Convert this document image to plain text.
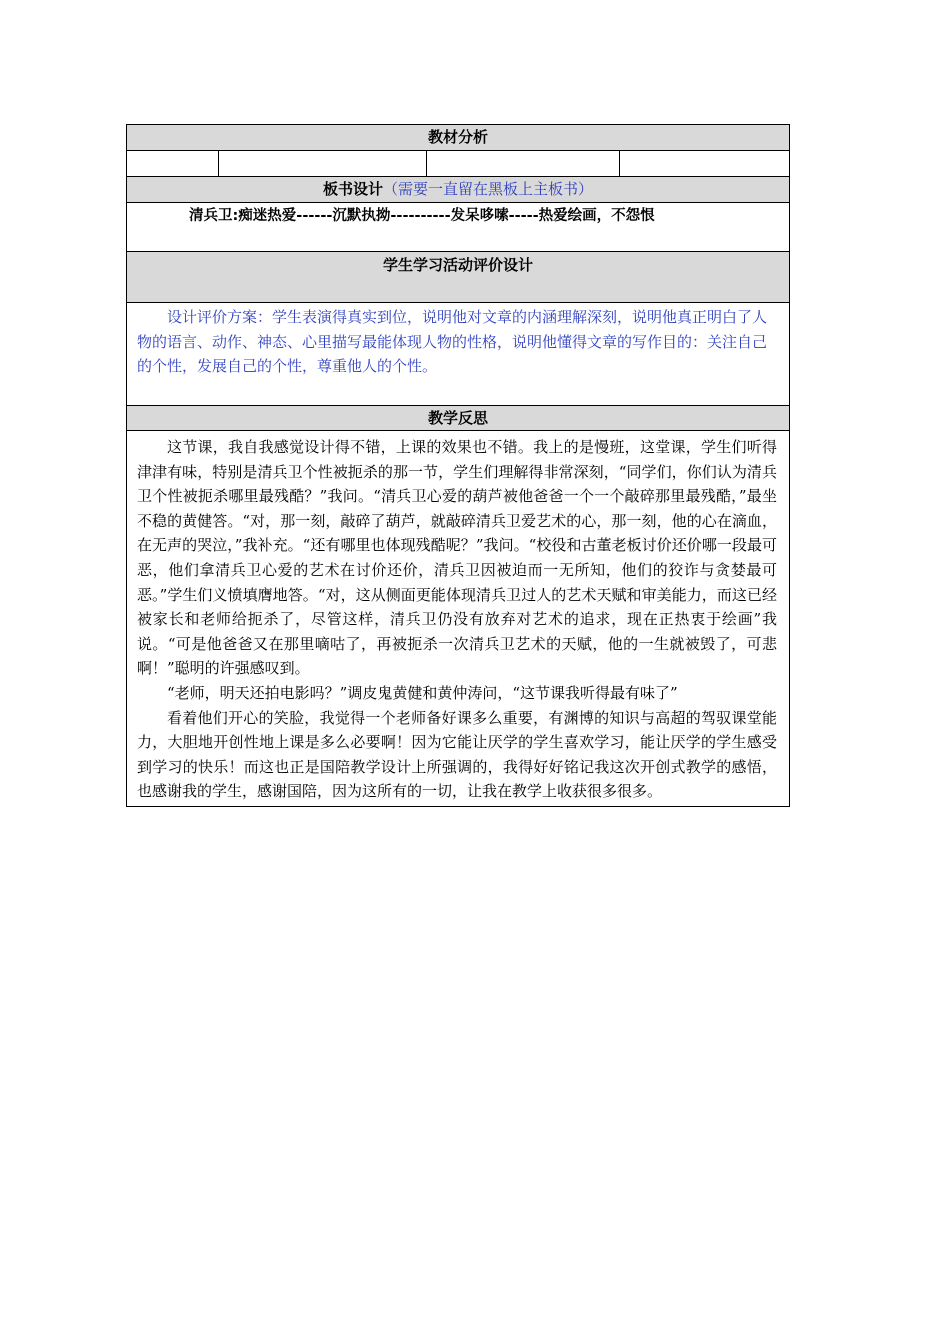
教材分析
板书设计（需要一直留在黑板上主板书）
清兵卫:痴迷热爱------沉默执拗----------发呆哆嗦-----热爱绘画，不怨恨
学生学习活动评价设计
设计评价方案：学生表演得真实到位，说明他对文章的内涵理解深刻，说明他真正明白了人物的语言、动作、神态、心里描写最能体现人物的性格，说明他懂得文章的写作目的：关注自己的个性，发展自己的个性，尊重他人的个性。
教学反思

这节课，我自我感觉设计得不错，上课的效果也不错。我上的是慢班，这堂课，学生们听得津津有味，特别是清兵卫个性被扼杀的那一节，学生们理解得非常深刻，“同学们，你们认为清兵卫个性被扼杀哪里最残酷？”我问。“清兵卫心爱的葫芦被他爸爸一个一个敲碎那里最残酷，”最坐不稳的黄健答。“对，那一刻，敲碎了葫芦，就敲碎清兵卫爱艺术的心，那一刻，他的心在滴血，在无声的哭泣，”我补充。“还有哪里也体现残酷呢？”我问。“校役和古董老板讨价还价哪一段最可恶，他们拿清兵卫心爱的艺术在讨价还价，清兵卫因被迫而一无所知，他们的狡诈与贪婪最可恶。”学生们义愤填膺地答。“对，这从侧面更能体现清兵卫过人的艺术天赋和审美能力，而这已经被家长和老师给扼杀了，尽管这样，清兵卫仍没有放弃对艺术的追求，现在正热衷于绘画”我说。“可是他爸爸又在那里嘀咕了，再被扼杀一次清兵卫艺术的天赋，他的一生就被毁了，可悲啊！”聪明的许强感叹到。

“老师，明天还拍电影吗？”调皮鬼黄健和黄仲涛问，“这节课我听得最有味了”

看着他们开心的笑脸，我觉得一个老师备好课多么重要，有渊博的知识与高超的驾驭课堂能力，大胆地开创性地上课是多么必要啊！因为它能让厌学的学生喜欢学习，能让厌学的学生感受到学习的快乐！而这也正是国陪教学设计上所强调的，我得好好铭记我这次开创式教学的感悟，也感谢我的学生，感谢国陪，因为这所有的一切，让我在教学上收获很多很多。
